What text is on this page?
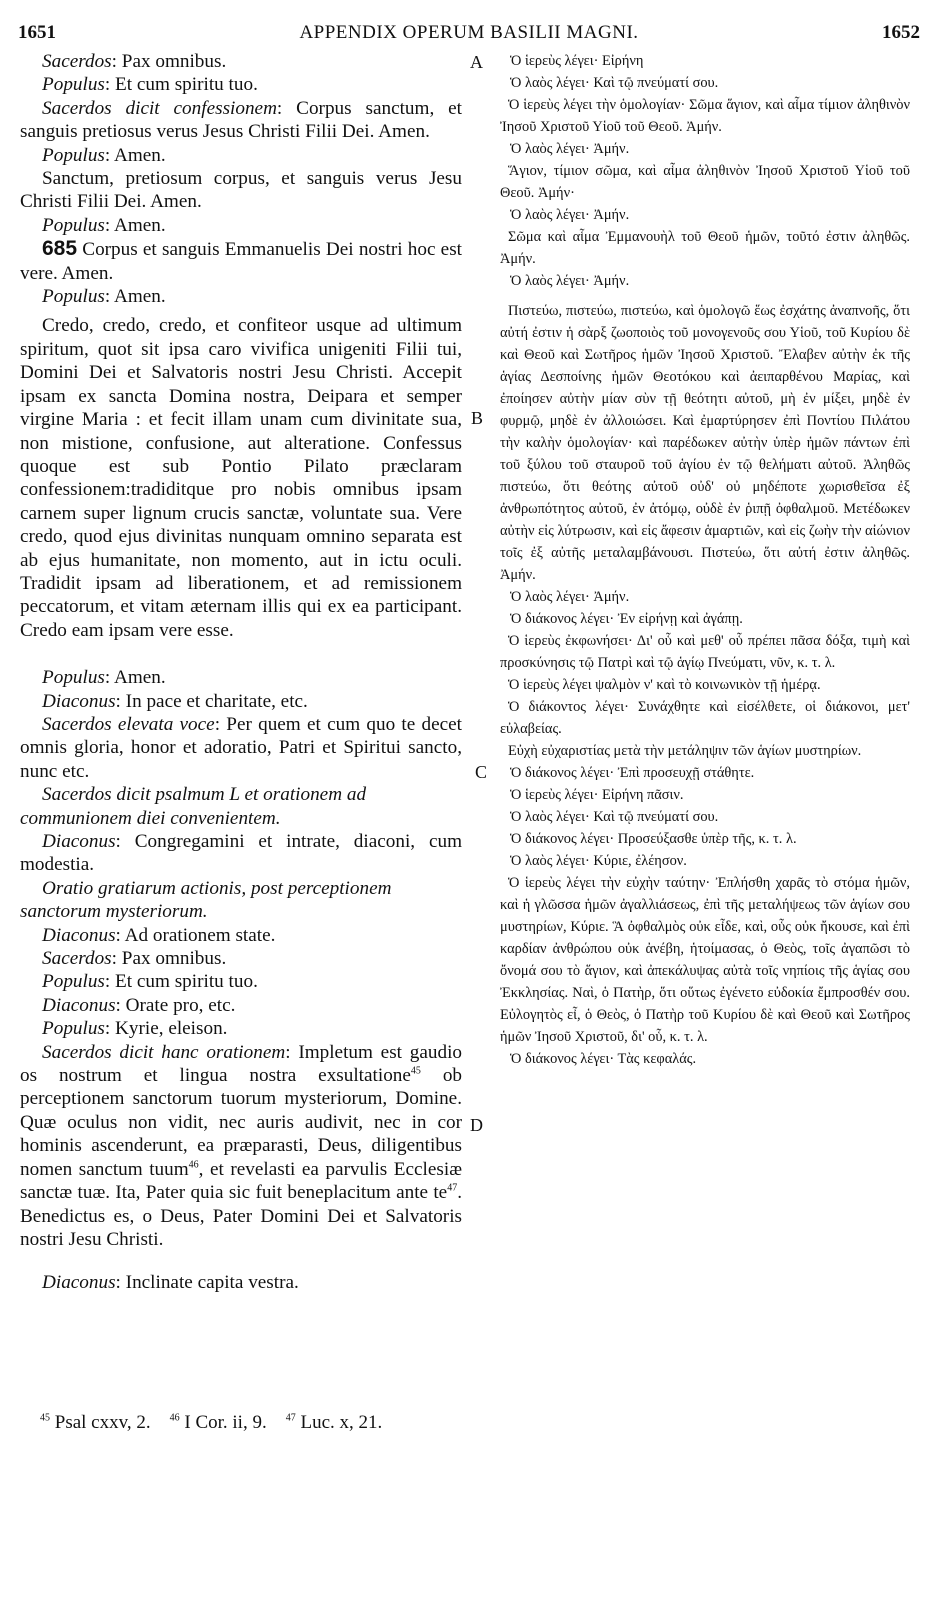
1651	APPENDIX OPERUM BASILII MAGNI.	1652
A
B
C
D

Sacerdos: Pax omnibus.

Populus: Et cum spiritu tuo.

Sacerdos dicit confessionem: Corpus sanctum, et sanguis pretiosus verus Jesus Christi Filii Dei. Amen.

Populus: Amen.

Sanctum, pretiosum corpus, et sanguis verus Jesu Christi Filii Dei. Amen.

Populus: Amen.

685 Corpus et sanguis Emmanuelis Dei nostri hoc est vere. Amen.

Populus: Amen.

Credo, credo, credo, et confiteor usque ad ultimum spiritum, quot sit ipsa caro vivifica unigeniti Filii tui, Domini Dei et Salvatoris nostri Jesu Christi. Accepit ipsam ex sancta Domina nostra, Deipara et semper virgine Maria : et fecit illam unam cum divinitate sua, non mistione, confusione, aut alteratione. Confessus quoque est sub Pontio Pilato præclaram confessionem:tradiditque pro nobis omnibus ipsam carnem super lignum crucis sanctæ, voluntate sua. Vere credo, quod ejus divinitas nunquam omnino separata est ab ejus humanitate, non momento, aut in ictu oculi. Tradidit ipsam ad liberationem, et ad remissionem peccatorum, et vitam æternam illis qui ex ea participant. Credo eam ipsam vere esse.

Populus: Amen.

Diaconus: In pace et charitate, etc.

Sacerdos elevata voce: Per quem et cum quo te decet omnis gloria, honor et adoratio, Patri et Spiritui sancto, nunc etc.

Sacerdos dicit psalmum L et orationem ad communionem diei convenientem.

Diaconus: Congregamini et intrate, diaconi, cum modestia.

Oratio gratiarum actionis, post perceptionem sanctorum mysteriorum.

Diaconus: Ad orationem state.

Sacerdos: Pax omnibus.

Populus: Et cum spiritu tuo.

Diaconus: Orate pro, etc.

Populus: Kyrie, eleison.

Sacerdos dicit hanc orationem: Impletum est gaudio os nostrum et lingua nostra exsultatione$^{45}$ ob perceptionem sanctorum tuorum mysteriorum, Domine. Quæ oculus non vidit, nec auris audivit, nec in cor hominis ascenderunt, ea præparasti, Deus, diligentibus nomen sanctum tuum$^{46}$, et revelasti ea parvulis Ecclesiæ sanctæ tuæ. Ita, Pater quia sic fuit beneplacitum ante $te^{47}$. Benedictus es, o Deus, Pater Domini Dei et Salvatoris nostri Jesu Christi.

Diaconus: Inclinate capita vestra.

Ὁ ἱερεὺς λέγει· Εἰρήνη

Ὁ λαὸς λέγει· Καὶ τῷ πνεύματί σου.

Ὁ ἱερεὺς λέγει τὴν ὁμολογίαν· Σῶμα ἅγιον, καὶ αἷμα τίμιον ἀληθινὸν Ἰησοῦ Χριστοῦ Υἱοῦ τοῦ Θεοῦ. Ἀμήν.

Ὁ λαὸς λέγει· Ἀμήν.

Ἅγιον, τίμιον σῶμα, καὶ αἷμα ἀληθινὸν Ἰησοῦ Χριστοῦ Υἱοῦ τοῦ Θεοῦ. Ἀμήν·

Ὁ λαὸς λέγει· Ἀμήν.

Σῶμα καὶ αἷμα Ἐμμανουὴλ τοῦ Θεοῦ ἡμῶν, τοῦτό ἐστιν ἀληθῶς. Ἀμήν.

Ὁ λαὸς λέγει· Ἀμήν.

Πιστεύω, πιστεύω, πιστεύω, καὶ ὁμολογῶ ἕως ἐσχάτης ἀναπνοῆς, ὅτι αὐτή ἐστιν ἡ σὰρξ ζωοποιὸς τοῦ μονογενοῦς σου Υἱοῦ, τοῦ Κυρίου δὲ καὶ Θεοῦ καὶ Σωτῆρος ἡμῶν Ἰησοῦ Χριστοῦ. Ἔλαβεν αὐτὴν ἐκ τῆς ἁγίας Δεσποίνης ἡμῶν Θεοτόκου καὶ ἀειπαρθένου Μαρίας, καὶ ἐποίησεν αὐτὴν μίαν σὺν τῇ θεότητι αὐτοῦ, μὴ ἐν μίξει, μηδὲ ἐν φυρμῷ, μηδὲ ἐν ἀλλοιώσει. Καὶ ἐμαρτύρησεν ἐπὶ Ποντίου Πιλάτου τὴν καλὴν ὁμολογίαν· καὶ παρέδωκεν αὐτὴν ὑπὲρ ἡμῶν πάντων ἐπὶ τοῦ ξύλου τοῦ σταυροῦ τοῦ ἁγίου ἐν τῷ θελήματι αὐτοῦ. Ἀληθῶς πιστεύω, ὅτι θεότης αὐτοῦ οὐδ' οὐ μηδέποτε χωρισθεῖσα ἐξ ἀνθρωπότητος αὐτοῦ, ἐν ἀτόμῳ, οὐδὲ ἐν ῥιπῇ ὀφθαλμοῦ. Μετέδωκεν αὐτὴν εἰς λύτρωσιν, καὶ εἰς ἄφεσιν ἁμαρτιῶν, καὶ εἰς ζωὴν τὴν αἰώνιον τοῖς ἐξ αὐτῆς μεταλαμβάνουσι. Πιστεύω, ὅτι αὐτή ἐστιν ἀληθῶς. Ἀμήν.

Ὁ λαὸς λέγει· Ἀμήν.

Ὁ διάκονος λέγει· Ἐν εἰρήνῃ καὶ ἀγάπῃ.

Ὁ ἱερεὺς ἐκφωνήσει· Δι' οὗ καὶ μεθ' οὗ πρέπει πᾶσα δόξα, τιμὴ καὶ προσκύνησις τῷ Πατρὶ καὶ τῷ ἁγίῳ Πνεύματι, νῦν, κ. τ. λ.

Ὁ ἱερεὺς λέγει ψαλμὸν ν' καὶ τὸ κοινωνικὸν τῇ ἡμέρᾳ.

Ὁ διάκοντος λέγει· Συνάχθητε καὶ εἰσέλθετε, οἱ διάκονοι, μετ' εὐλαβείας.

Εὐχὴ εὐχαριστίας μετὰ τὴν μετάληψιν τῶν ἁγίων μυστηρίων.

Ὁ διάκονος λέγει· Ἐπὶ προσευχῇ στάθητε.

Ὁ ἱερεὺς λέγει· Εἰρήνη πᾶσιν.

Ὁ λαὸς λέγει· Καὶ τῷ πνεύματί σου.

Ὁ διάκονος λέγει· Προσεύξασθε ὑπὲρ τῆς, κ. τ. λ.

Ὁ λαὸς λέγει· Κύριε, ἐλέησον.

Ὁ ἱερεὺς λέγει τὴν εὐχὴν ταύτην· Ἐπλήσθη χαρᾶς τὸ στόμα ἡμῶν, καὶ ἡ γλῶσσα ἡμῶν ἀγαλλιάσεως, ἐπὶ τῆς μεταλήψεως τῶν ἁγίων σου μυστηρίων, Κύριε. Ἃ ὀφθαλμὸς οὐκ εἶδε, καὶ, οὗς οὐκ ἤκουσε, καὶ ἐπὶ καρδίαν ἀνθρώπου οὐκ ἀνέβη, ἡτοίμασας, ὁ Θεὸς, τοῖς ἀγαπῶσι τὸ ὄνομά σου τὸ ἅγιον, καὶ ἀπεκάλυψας αὐτὰ τοῖς νηπίοις τῆς ἁγίας σου Ἐκκλησίας. Ναὶ, ὁ Πατὴρ, ὅτι οὕτως ἐγένετο εὐδοκία ἔμπροσθέν σου. Εὐλογητὸς εἶ, ὁ Θεὸς, ὁ Πατὴρ τοῦ Κυρίου δὲ καὶ Θεοῦ καὶ Σωτῆρος ἡμῶν Ἰησοῦ Χριστοῦ, δι' οὗ, κ. τ. λ.

Ὁ διάκονος λέγει· Τὰς κεφαλάς.

$^{45}$ Psal cxxv, 2. $^{46}$ I Cor. ii, 9. $^{47}$ Luc. x, 21.
